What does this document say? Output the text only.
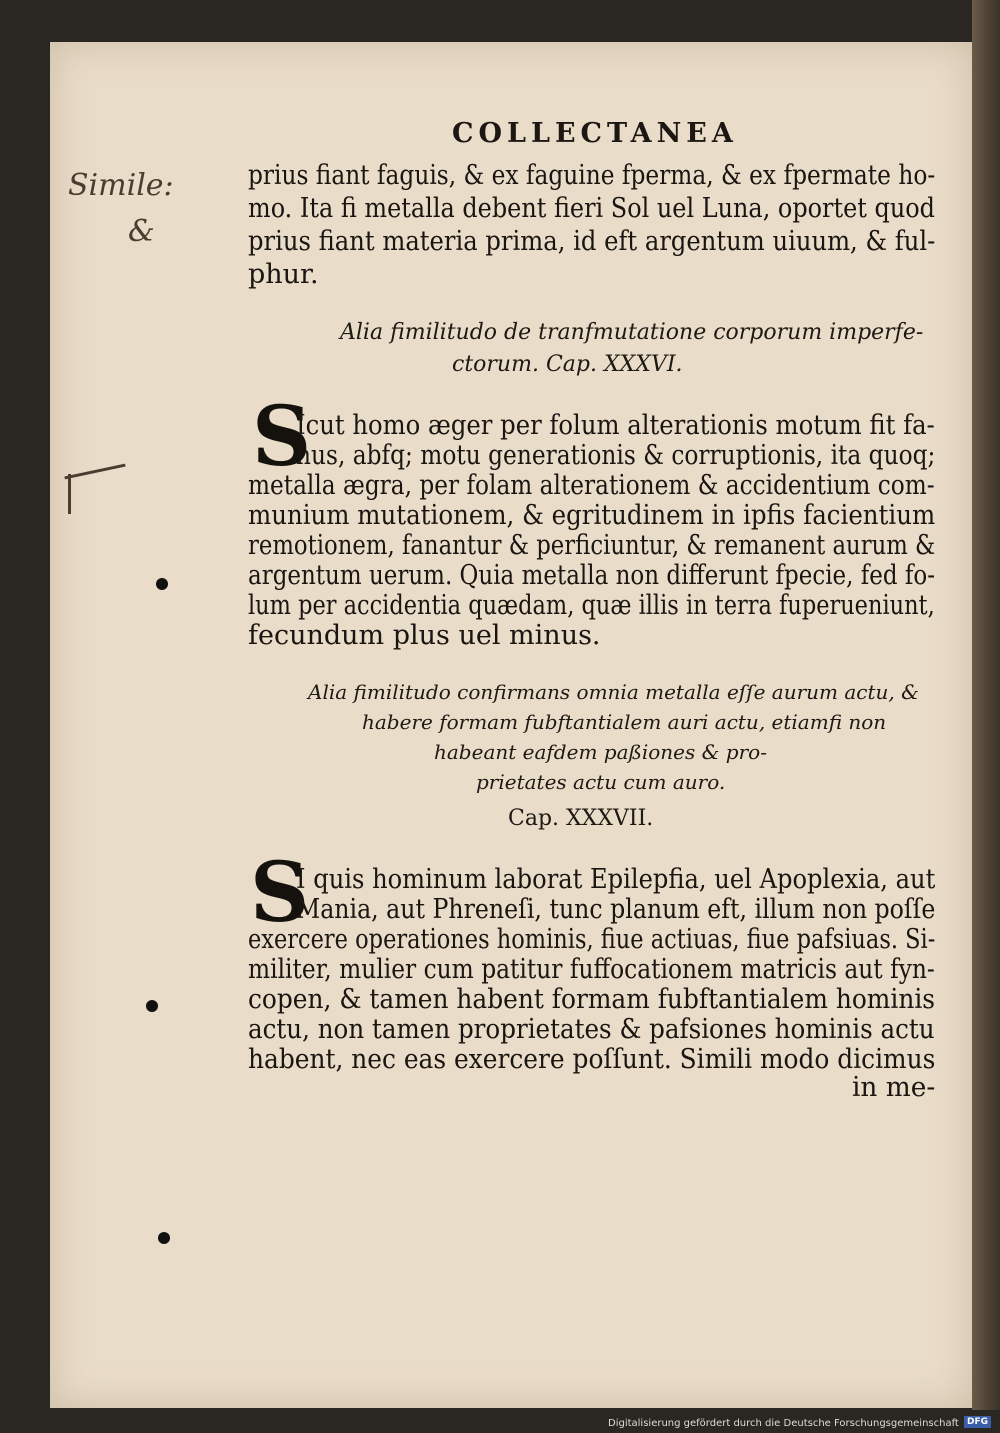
COLLECTANEA
Simile:
&
prius fiant faguis, & ex faguine fperma, & ex fpermate ho-
mo. Ita fi metalla debent fieri Sol uel Luna, oportet quod
prius fiant materia prima, id eft argentum uiuum, & ful-
phur.
Alia fimilitudo de tranfmutatione corporum imperfe-
ctorum. Cap. XXXVI.
S
Icut homo æger per folum alterationis motum fit fa-
nus, abfq; motu generationis & corruptionis, ita quoq;
metalla ægra, per folam alterationem & accidentium com-
munium mutationem, & egritudinem in ipfis facientium
remotionem, fanantur & perficiuntur, & remanent aurum &
argentum uerum. Quia metalla non differunt fpecie, fed fo-
lum per accidentia quædam, quæ illis in terra fuperueniunt,
fecundum plus uel minus.
Alia fimilitudo confirmans omnia metalla eſſe aurum actu, &
habere formam fubftantialem auri actu, etiamfi non
habeant eafdem paßiones & pro-
prietates actu cum auro.
Cap. XXXVII.
S
I quis hominum laborat Epilepfia, uel Apoplexia, aut
Mania, aut Phreneſi, tunc planum eft, illum non poſſe
exercere operationes hominis, fiue actiuas, fiue pafsiuas. Si-
militer, mulier cum patitur fuffocationem matricis aut fyn-
copen, & tamen habent formam fubftantialem hominis
actu, non tamen proprietates & pafsiones hominis actu
habent, nec eas exercere poſſunt. Simili modo dicimus
in me-
Digitalisierung gefördert durch die Deutsche Forschungsgemeinschaft DFG
